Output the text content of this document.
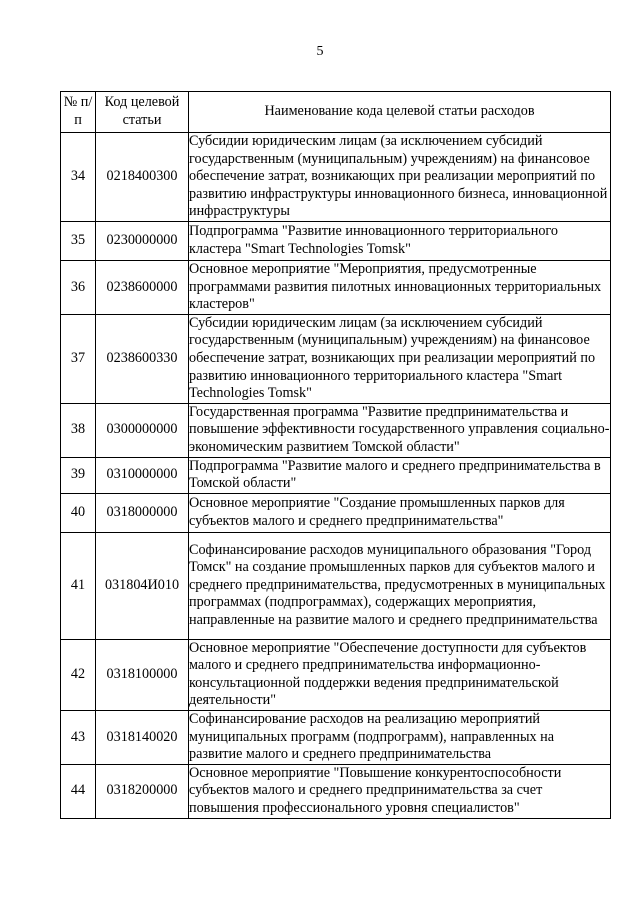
5
№ п/п	Код целевой статьи	Наименование кода целевой статьи расходов
34	0218400300	Субсидии юридическим лицам (за исключением субсидий государственным (муниципальным) учреждениям) на финансовое обеспечение затрат, возникающих при реализации мероприятий по развитию инфраструктуры инновационного бизнеса, инновационной инфраструктуры
35	0230000000	Подпрограмма "Развитие инновационного территориального кластера "Smart Technologies Tomsk"
36	0238600000	Основное мероприятие "Мероприятия, предусмотренные программами развития пилотных инновационных территориальных кластеров"
37	0238600330	Субсидии юридическим лицам (за исключением субсидий государственным (муниципальным) учреждениям) на финансовое обеспечение затрат, возникающих при реализации мероприятий по развитию инновационного территориального кластера "Smart Technologies Tomsk"
38	0300000000	Государственная программа "Развитие предпринимательства и повышение эффективности государственного управления социально-экономическим развитием Томской области"
39	0310000000	Подпрограмма "Развитие малого и среднего предпринимательства в Томской области"
40	0318000000	Основное мероприятие "Создание промышленных парков для субъектов малого и среднего предпринимательства"
41	031804И010	Софинансирование расходов муниципального образования "Город Томск" на создание промышленных парков для субъектов малого и среднего предпринимательства, предусмотренных в муниципальных программах (подпрограммах), содержащих мероприятия, направленные на развитие малого и среднего предпринимательства
42	0318100000	Основное мероприятие "Обеспечение доступности для субъектов малого и среднего предпринимательства информационно-консультационной поддержки ведения предпринимательской деятельности"
43	0318140020	Софинансирование расходов на реализацию мероприятий муниципальных программ (подпрограмм), направленных на развитие малого и среднего предпринимательства
44	0318200000	Основное мероприятие "Повышение конкурентоспособности субъектов малого и среднего предпринимательства за счет повышения профессионального уровня специалистов"
